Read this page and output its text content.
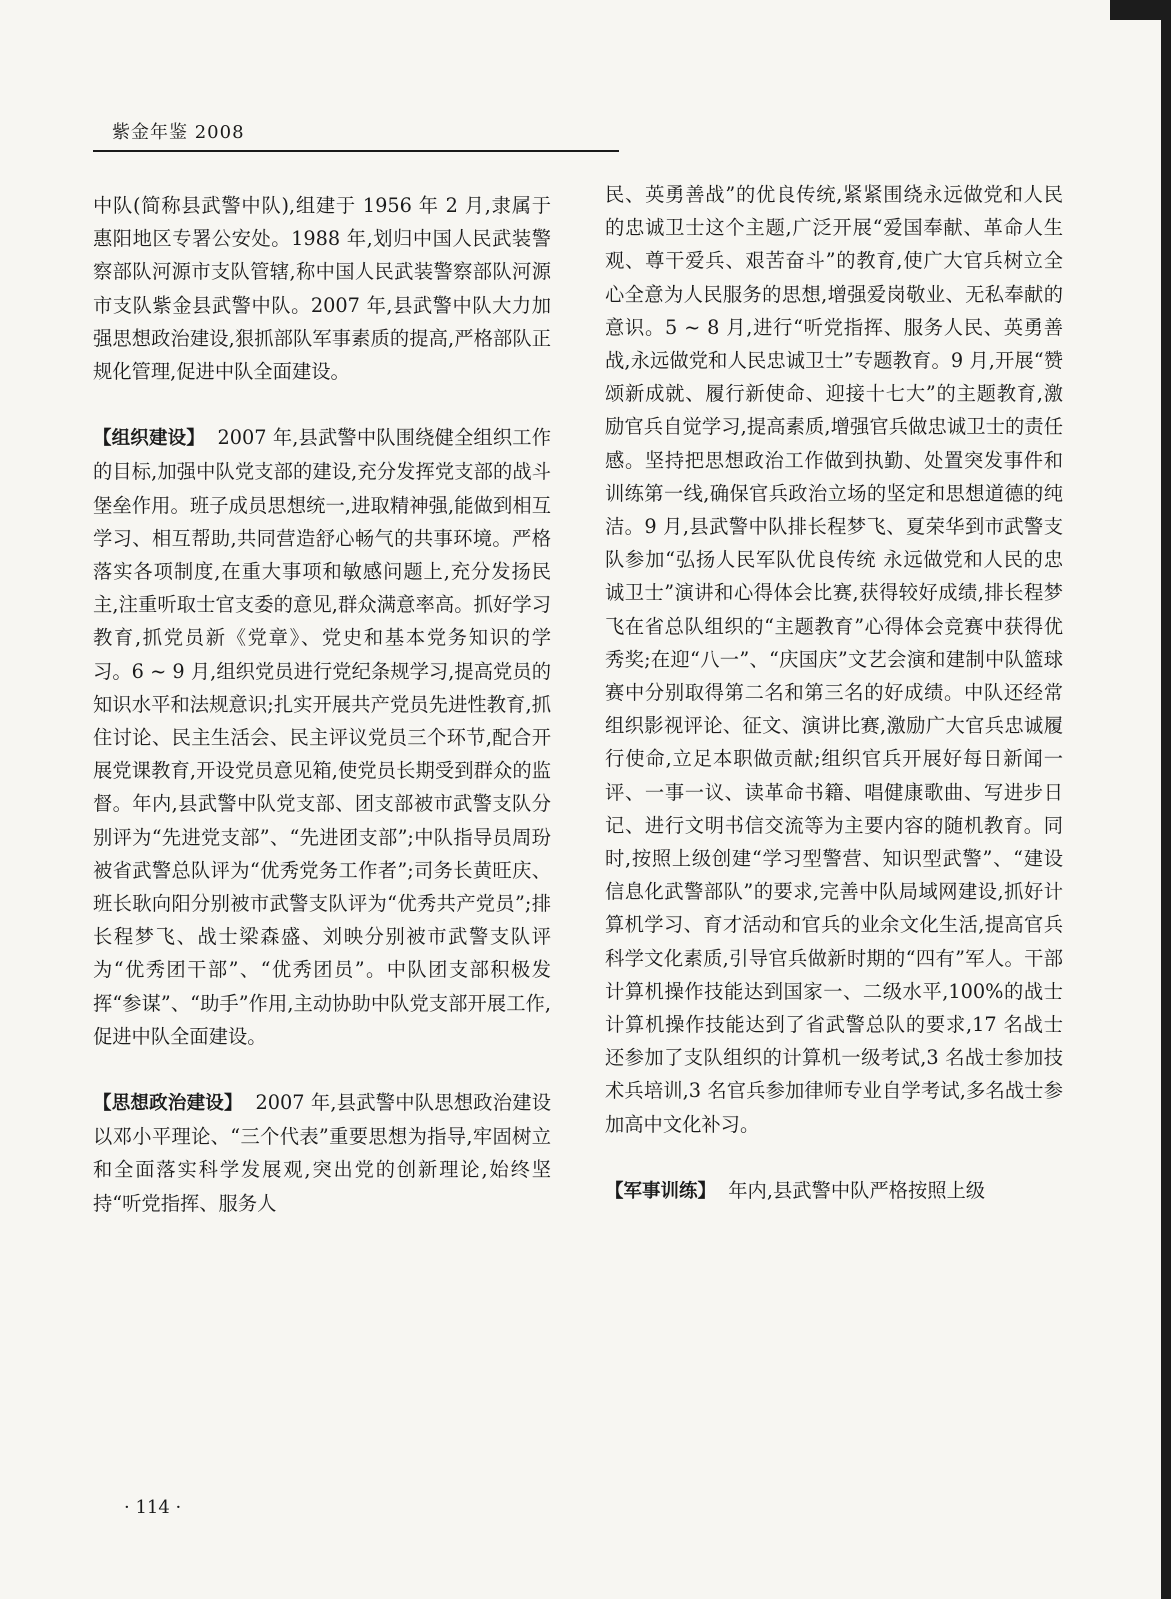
紫金年鉴 2008

中队(简称县武警中队),组建于 1956 年 2 月,隶属于惠阳地区专署公安处。1988 年,划归中国人民武装警察部队河源市支队管辖,称中国人民武装警察部队河源市支队紫金县武警中队。2007 年,县武警中队大力加强思想政治建设,狠抓部队军事素质的提高,严格部队正规化管理,促进中队全面建设。

【组织建设】 2007 年,县武警中队围绕健全组织工作的目标,加强中队党支部的建设,充分发挥党支部的战斗堡垒作用。班子成员思想统一,进取精神强,能做到相互学习、相互帮助,共同营造舒心畅气的共事环境。严格落实各项制度,在重大事项和敏感问题上,充分发扬民主,注重听取士官支委的意见,群众满意率高。抓好学习教育,抓党员新《党章》、党史和基本党务知识的学习。6 ~ 9 月,组织党员进行党纪条规学习,提高党员的知识水平和法规意识;扎实开展共产党员先进性教育,抓住讨论、民主生活会、民主评议党员三个环节,配合开展党课教育,开设党员意见箱,使党员长期受到群众的监督。年内,县武警中队党支部、团支部被市武警支队分别评为“先进党支部”、“先进团支部”;中队指导员周玢被省武警总队评为“优秀党务工作者”;司务长黄旺庆、班长耿向阳分别被市武警支队评为“优秀共产党员”;排长程梦飞、战士梁森盛、刘映分别被市武警支队评为“优秀团干部”、“优秀团员”。中队团支部积极发挥“参谋”、“助手”作用,主动协助中队党支部开展工作,促进中队全面建设。

【思想政治建设】 2007 年,县武警中队思想政治建设以邓小平理论、“三个代表”重要思想为指导,牢固树立和全面落实科学发展观,突出党的创新理论,始终坚持“听党指挥、服务人

民、英勇善战”的优良传统,紧紧围绕永远做党和人民的忠诚卫士这个主题,广泛开展“爱国奉献、革命人生观、尊干爱兵、艰苦奋斗”的教育,使广大官兵树立全心全意为人民服务的思想,增强爱岗敬业、无私奉献的意识。5 ~ 8 月,进行“听党指挥、服务人民、英勇善战,永远做党和人民忠诚卫士”专题教育。9 月,开展“赞颂新成就、履行新使命、迎接十七大”的主题教育,激励官兵自觉学习,提高素质,增强官兵做忠诚卫士的责任感。坚持把思想政治工作做到执勤、处置突发事件和训练第一线,确保官兵政治立场的坚定和思想道德的纯洁。9 月,县武警中队排长程梦飞、夏荣华到市武警支队参加“弘扬人民军队优良传统 永远做党和人民的忠诚卫士”演讲和心得体会比赛,获得较好成绩,排长程梦飞在省总队组织的“主题教育”心得体会竞赛中获得优秀奖;在迎“八一”、“庆国庆”文艺会演和建制中队篮球赛中分别取得第二名和第三名的好成绩。中队还经常组织影视评论、征文、演讲比赛,激励广大官兵忠诚履行使命,立足本职做贡献;组织官兵开展好每日新闻一评、一事一议、读革命书籍、唱健康歌曲、写进步日记、进行文明书信交流等为主要内容的随机教育。同时,按照上级创建“学习型警营、知识型武警”、“建设信息化武警部队”的要求,完善中队局域网建设,抓好计算机学习、育才活动和官兵的业余文化生活,提高官兵科学文化素质,引导官兵做新时期的“四有”军人。干部计算机操作技能达到国家一、二级水平,100%的战士计算机操作技能达到了省武警总队的要求,17 名战士还参加了支队组织的计算机一级考试,3 名战士参加技术兵培训,3 名官兵参加律师专业自学考试,多名战士参加高中文化补习。

【军事训练】 年内,县武警中队严格按照上级

· 114 ·
